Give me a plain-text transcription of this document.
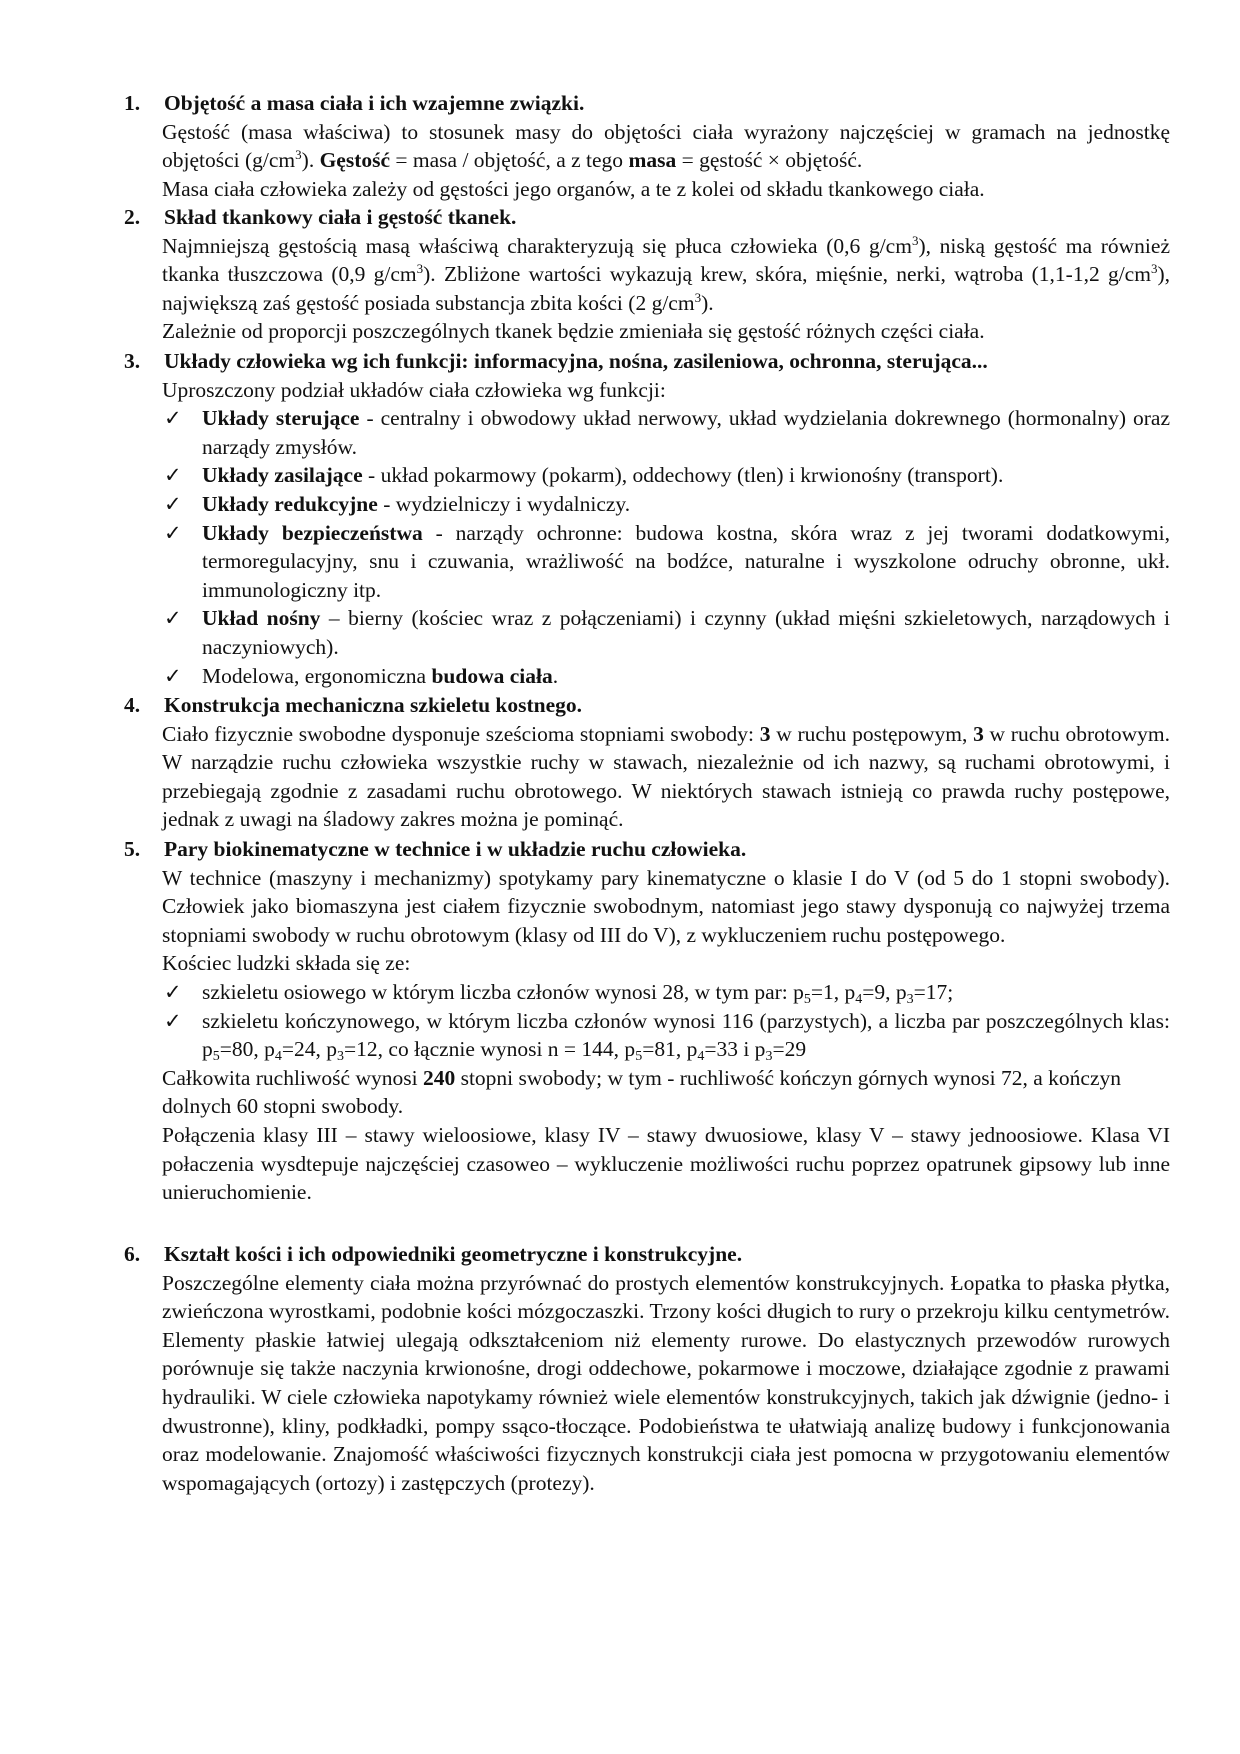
1. Objętość a masa ciała i ich wzajemne związki.
Gęstość (masa właściwa) to stosunek masy do objętości ciała wyrażony najczęściej w gramach na jednostkę objętości $(g/cm^3)$. Gęstość = masa / objętość, a z tego masa = gęstość × objętość.
Masa ciała człowieka zależy od gęstości jego organów, a te z kolei od składu tkankowego ciała.
2. Skład tkankowy ciała i gęstość tkanek.
Najmniejszą gęstością masą właściwą charakteryzują się płuca człowieka (0,6 $g/cm^3$), niską gęstość ma również tkanka tłuszczowa (0,9 $g/cm^3$). Zbliżone wartości wykazują krew, skóra, mięśnie, nerki, wątroba (1,1-1,2 $g/cm^3$), największą zaś gęstość posiada substancja zbita kości (2 $g/cm^3$).
Zależnie od proporcji poszczególnych tkanek będzie zmieniała się gęstość różnych części ciała.
3. Układy człowieka wg ich funkcji: informacyjna, nośna, zasileniowa, ochronna, sterująca...
Uproszczony podział układów ciała człowieka wg funkcji:
✓ Układy sterujące - centralny i obwodowy układ nerwowy, układ wydzielania dokrewnego (hormonalny) oraz narządy zmysłów.
✓ Układy zasilające - układ pokarmowy (pokarm), oddechowy (tlen) i krwionośny (transport).
✓ Układy redukcyjne - wydzielniczy i wydalniczy.
✓ Układy bezpieczeństwa - narządy ochronne: budowa kostna, skóra wraz z jej tworami dodatkowymi, termoregulacyjny, snu i czuwania, wrażliwość na bodźce, naturalne i wyszkolone odruchy obronne, ukł. immunologiczny itp.
✓ Układ nośny – bierny (kościec wraz z połączeniami) i czynny (układ mięśni szkieletowych, narządowych i naczyniowych).
✓ Modelowa, ergonomiczna budowa ciała.
4. Konstrukcja mechaniczna szkieletu kostnego.
Ciało fizycznie swobodne dysponuje sześcioma stopniami swobody: 3 w ruchu postępowym, 3 w ruchu obrotowym. W narządzie ruchu człowieka wszystkie ruchy w stawach, niezależnie od ich nazwy, są ruchami obrotowymi, i przebiegają zgodnie z zasadami ruchu obrotowego. W niektórych stawach istnieją co prawda ruchy postępowe, jednak z uwagi na śladowy zakres można je pominąć.
5. Pary biokinematyczne w technice i w układzie ruchu człowieka.
W technice (maszyny i mechanizmy) spotykamy pary kinematyczne o klasie I do V (od 5 do 1 stopni swobody). Człowiek jako biomaszyna jest ciałem fizycznie swobodnym, natomiast jego stawy dysponują co najwyżej trzema stopniami swobody w ruchu obrotowym (klasy od III do V), z wykluczeniem ruchu postępowego.
Kościec ludzki składa się ze:
✓ szkieletu osiowego w którym liczba członów wynosi 28, w tym par: $p_5=1$, $p_4=9$, $p_3=17$;
✓ szkieletu kończynowego, w którym liczba członów wynosi 116 (parzystych), a liczba par poszczególnych klas: $p_5=80$, $p_4=24$, $p_3=12$, co łącznie wynosi n = 144, $p_5=81$, $p_4=33$ i $p_3=29$
Całkowita ruchliwość wynosi 240 stopni swobody; w tym - ruchliwość kończyn górnych wynosi 72, a kończyn dolnych 60 stopni swobody.
Połączenia klasy III – stawy wieloosiowe, klasy IV – stawy dwuosiowe, klasy V – stawy jednoosiowe. Klasa VI połaczenia wysdtepuje najczęściej czasoweo – wykluczenie możliwości ruchu poprzez opatrunek gipsowy lub inne unieruchomienie.
6. Kształt kości i ich odpowiedniki geometryczne i konstrukcyjne.
Poszczególne elementy ciała można przyrównać do prostych elementów konstrukcyjnych. Łopatka to płaska płytka, zwieńczona wyrostkami, podobnie kości mózgoczaszki. Trzony kości długich to rury o przekroju kilku centymetrów. Elementy płaskie łatwiej ulegają odkształceniom niż elementy rurowe. Do elastycznych przewodów rurowych porównuje się także naczynia krwionośne, drogi oddechowe, pokarmowe i moczowe, działające zgodnie z prawami hydrauliki. W ciele człowieka napotykamy również wiele elementów konstrukcyjnych, takich jak dźwignie (jedno- i dwustronne), kliny, podkładki, pompy ssąco-tłoczące. Podobieństwa te ułatwiają analizę budowy i funkcjonowania oraz modelowanie. Znajomość właściwości fizycznych konstrukcji ciała jest pomocna w przygotowaniu elementów wspomagających (ortozy) i zastępczych (protezy).
